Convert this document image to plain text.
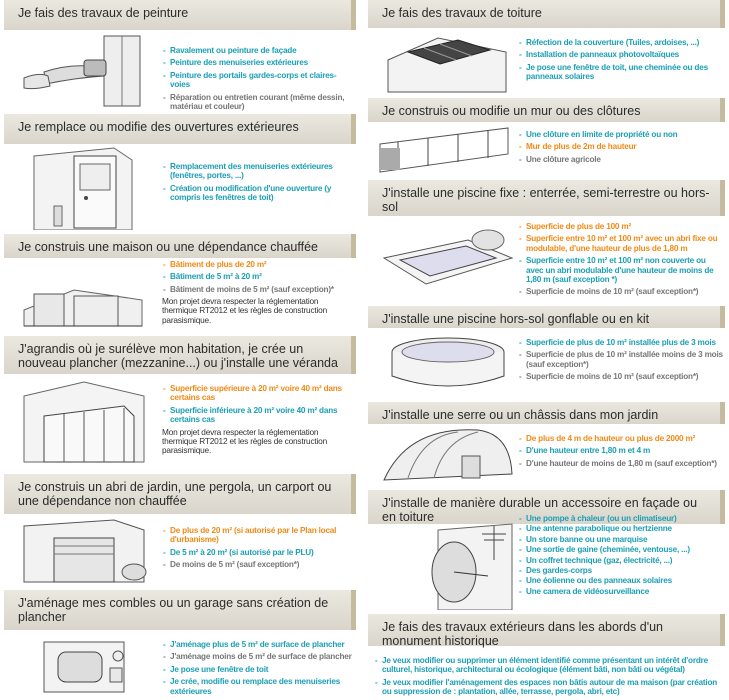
Je fais des travaux de peinture
- Ravalement ou peinture de façade
- Peinture des menuiseries extérieures
- Peinture des portails gardes-corps et claires-voies
- Réparation ou entretien courant (même dessin, matériau et couleur)
Je remplace ou modifie des ouvertures extérieures
- Remplacement des menuiseries extérieures (fenêtres, portes, ...)
- Création ou modification d'une ouverture (y compris les fenêtres de toit)
Je construis une maison ou une dépendance chauffée
- Bâtiment de plus de 20 m²
- Bâtiment de 5 m² à 20 m²
- Bâtiment de moins de 5 m² (sauf exception)*
Mon projet devra respecter la réglementation thermique RT2012 et les règles de construction parasismique.
J'agrandis où je surélève mon habitation, je crée un nouveau plancher (mezzanine...) ou j'installe une véranda
- Superficie supérieure à 20 m² voire 40 m² dans certains cas
- Superficie inférieure à 20 m² voire 40 m² dans certains cas
Mon projet devra respecter la réglementation thermique RT2012 et les règles de construction parasismique.
Je construis un abri de jardin, une pergola, un carport ou une dépendance non chauffée
- De plus de 20 m² (si autorisé par le Plan local d'urbanisme)
- De 5 m² à 20 m² (si autorisé par le PLU)
- De moins de 5 m² (sauf exception*)
J'aménage mes combles ou un garage sans création de plancher
- J'aménage plus de 5 m² de surface de plancher
- J'aménage moins de 5 m² de surface de plancher
- Je pose une fenêtre de toit
- Je crée, modifie ou remplace des menuiseries extérieures
Je fais des travaux de toiture
- Réfection de la couverture (Tuiles, ardoises, ...)
- Installation de panneaux photovoltaïques
- Je pose une fenêtre de toit, une cheminée ou des panneaux solaires
Je construis ou modifie un mur ou des clôtures
- Une clôture en limite de propriété ou non
- Mur de plus de 2m de hauteur
- Une clôture agricole
J'installe une piscine fixe : enterrée, semi-terrestre ou hors-sol
- Superficie de plus de 100 m²
- Superficie entre 10 m² et 100 m² avec un abri fixe ou modulable, d'une hauteur de plus de 1,80 m
- Superficie entre 10 m² et 100 m² non couverte ou avec un abri modulable d'une hauteur de moins de 1,80 m (sauf exception *)
- Superficie de moins de 10 m² (sauf exception*)
J'installe une piscine hors-sol gonflable ou en kit
- Superficie de plus de 10 m² installée plus de 3 mois
- Superficie de plus de 10 m² installée moins de 3 mois (sauf exception*)
- Superficie de moins de 10 m² (sauf exception*)
J'installe une serre ou un châssis dans mon jardin
- De plus de 4 m de hauteur ou plus de 2000 m²
- D'une hauteur entre 1,80 m et 4 m
- D'une hauteur de moins de 1,80 m (sauf exception*)
J'installe de manière durable un accessoire en façade ou en toiture
-	Une pompe à chaleur (ou un climatiseur)
- Une antenne parabolique ou hertzienne
- Un store banne ou une marquise
- Une sortie de gaine (cheminée, ventouse, ...)
- Un coffret technique (gaz, électricité, ...)
- Des gardes-corps
- Une éolienne ou des panneaux solaires
- Une camera de vidéosurveillance
Je fais des travaux extérieurs dans les abords d'un monument historique
- Je veux modifier ou supprimer un élément identifié comme présentant un intérêt d'ordre culturel, historique, architectural ou écologique (élément bâti, non bâti ou végétal)
- Je veux modifier l'aménagement des espaces non bâtis autour de ma maison (par création ou suppression de : plantation, allée, terrasse, pergola, abri, etc)
